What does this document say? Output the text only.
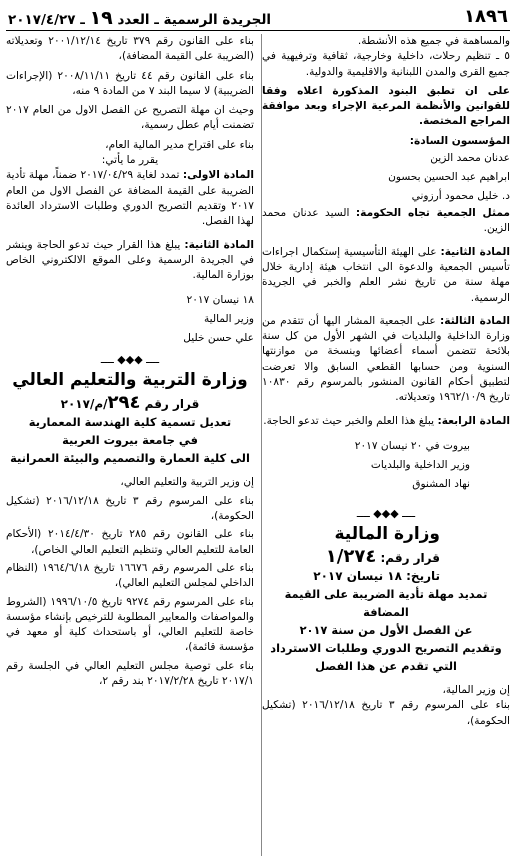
١٨٩٦
الجريدة الرسمية ـ العدد ١٩ ـ ٢٠١٧/٤/٢٧

والمساهمة في جميع هذه الأنشطة.

٥ ـ تنظيم رحلات، داخلية وخارجية، ثقافية وترفيهية في جميع القرى والمدن اللبنانية والاقليمية والدولية.

على ان تطبق البنود المذكورة اعلاه وفقا للقوانين والأنظمة المرعية الإجراء وبعد موافقة المراجع المختصة.

المؤسسون السادة:

عدنان محمد الزين

ابراهيم عبد الحسين بحسون

د. خليل محمود أرزوني

ممثل الجمعية تجاه الحكومة: السيد عدنان محمد الزين.

المادة الثانية: على الهيئة التأسيسية إستكمال اجراءات تأسيس الجمعية والدعوة الى انتخاب هيئة إدارية خلال مهلة سنة من تاريخ نشر العلم والخبر في الجريدة الرسمية.

المادة الثالثة: على الجمعية المشار اليها أن تتقدم من وزارة الداخلية والبلديات في الشهر الأول من كل سنة بلائحة تتضمن أسماء أعضائها وبنسخة من موازنتها السنوية ومن حسابها القطعي السابق والا تعرضت لتطبيق أحكام القانون المنشور بالمرسوم رقم ١٠٨٣٠ تاريخ ١٩٦٢/١٠/٩ وتعديلاته.

المادة الرابعة: يبلغ هذا العلم والخبر حيث تدعو الحاجة.

بيروت في ٢٠ نيسان ٢٠١٧

وزير الداخلية والبلديات

نهاد المشنوق

ــــ ◆◆◆ ــــ
وزارة المالية
قرار رقم: ١/٢٧٤
تاريخ: ١٨ نيسان ٢٠١٧
تمديد مهلة تأدية الضريبة على القيمة المضافة
عن الفصل الأول من سنة ٢٠١٧
وتقديم التصريح الدوري وطلبات الاسترداد
التي تقدم عن هذا الفصل

إن وزير المالية،

بناء على المرسوم رقم ٣ تاريخ ٢٠١٦/١٢/١٨ (تشكيل الحكومة)،

بناء على القانون رقم ٣٧٩ تاريخ ٢٠٠١/١٢/١٤ وتعديلاته (الضريبة على القيمة المضافة)،

بناء على القانون رقم ٤٤ تاريخ ٢٠٠٨/١١/١١ (الإجراءات الضريبية) لا سيما البند ٧ من المادة ٩ منه،

وحيث ان مهلة التصريح عن الفصل الاول من العام ٢٠١٧ تضمنت أيام عطل رسمية،

بناء على اقتراح مدير المالية العام،

يقرر ما يأتي:

المادة الاولى: تمدد لغاية ٢٠١٧/٠٤/٢٩ ضمناً، مهلة تأدية الضريبة على القيمة المضافة عن الفصل الاول من العام ٢٠١٧ وتقديم التصريح الدوري وطلبات الاسترداد العائدة لهذا الفصل.

المادة الثانية: يبلغ هذا القرار حيث تدعو الحاجة وينشر في الجريدة الرسمية وعلى الموقع الالكتروني الخاص بوزارة المالية.

١٨ نيسان ٢٠١٧

وزير المالية

علي حسن خليل

ــــ ◆◆◆ ــــ
وزارة التربية والتعليم العالي
قرار رقم ٢٩٤/م/٢٠١٧
تعديل تسمية كلية الهندسة المعمارية
في جامعة بيروت العربية
الى كلية العمارة والتصميم والبيئة العمرانية

إن وزير التربية والتعليم العالي،

بناء على المرسوم رقم ٣ تاريخ ٢٠١٦/١٢/١٨ (تشكيل الحكومة)،

بناء على القانون رقم ٢٨٥ تاريخ ٢٠١٤/٤/٣٠ (الأحكام العامة للتعليم العالي وتنظيم التعليم العالي الخاص)،

بناء على المرسوم رقم ١٦٦٧٦ تاريخ ١٩٦٤/٦/١٨ (النظام الداخلي لمجلس التعليم العالي)،

بناء على المرسوم رقم ٩٢٧٤ تاريخ ١٩٩٦/١٠/٥ (الشروط والمواصفات والمعايير المطلوبة للترخيص بإنشاء مؤسسة خاصة للتعليم العالي، أو باستحداث كلية أو معهد في مؤسسة قائمة)،

بناء على توصية مجلس التعليم العالي في الجلسة رقم ٢٠١٧/١ تاريخ ٢٠١٧/٢/٢٨ بند رقم ٢،
